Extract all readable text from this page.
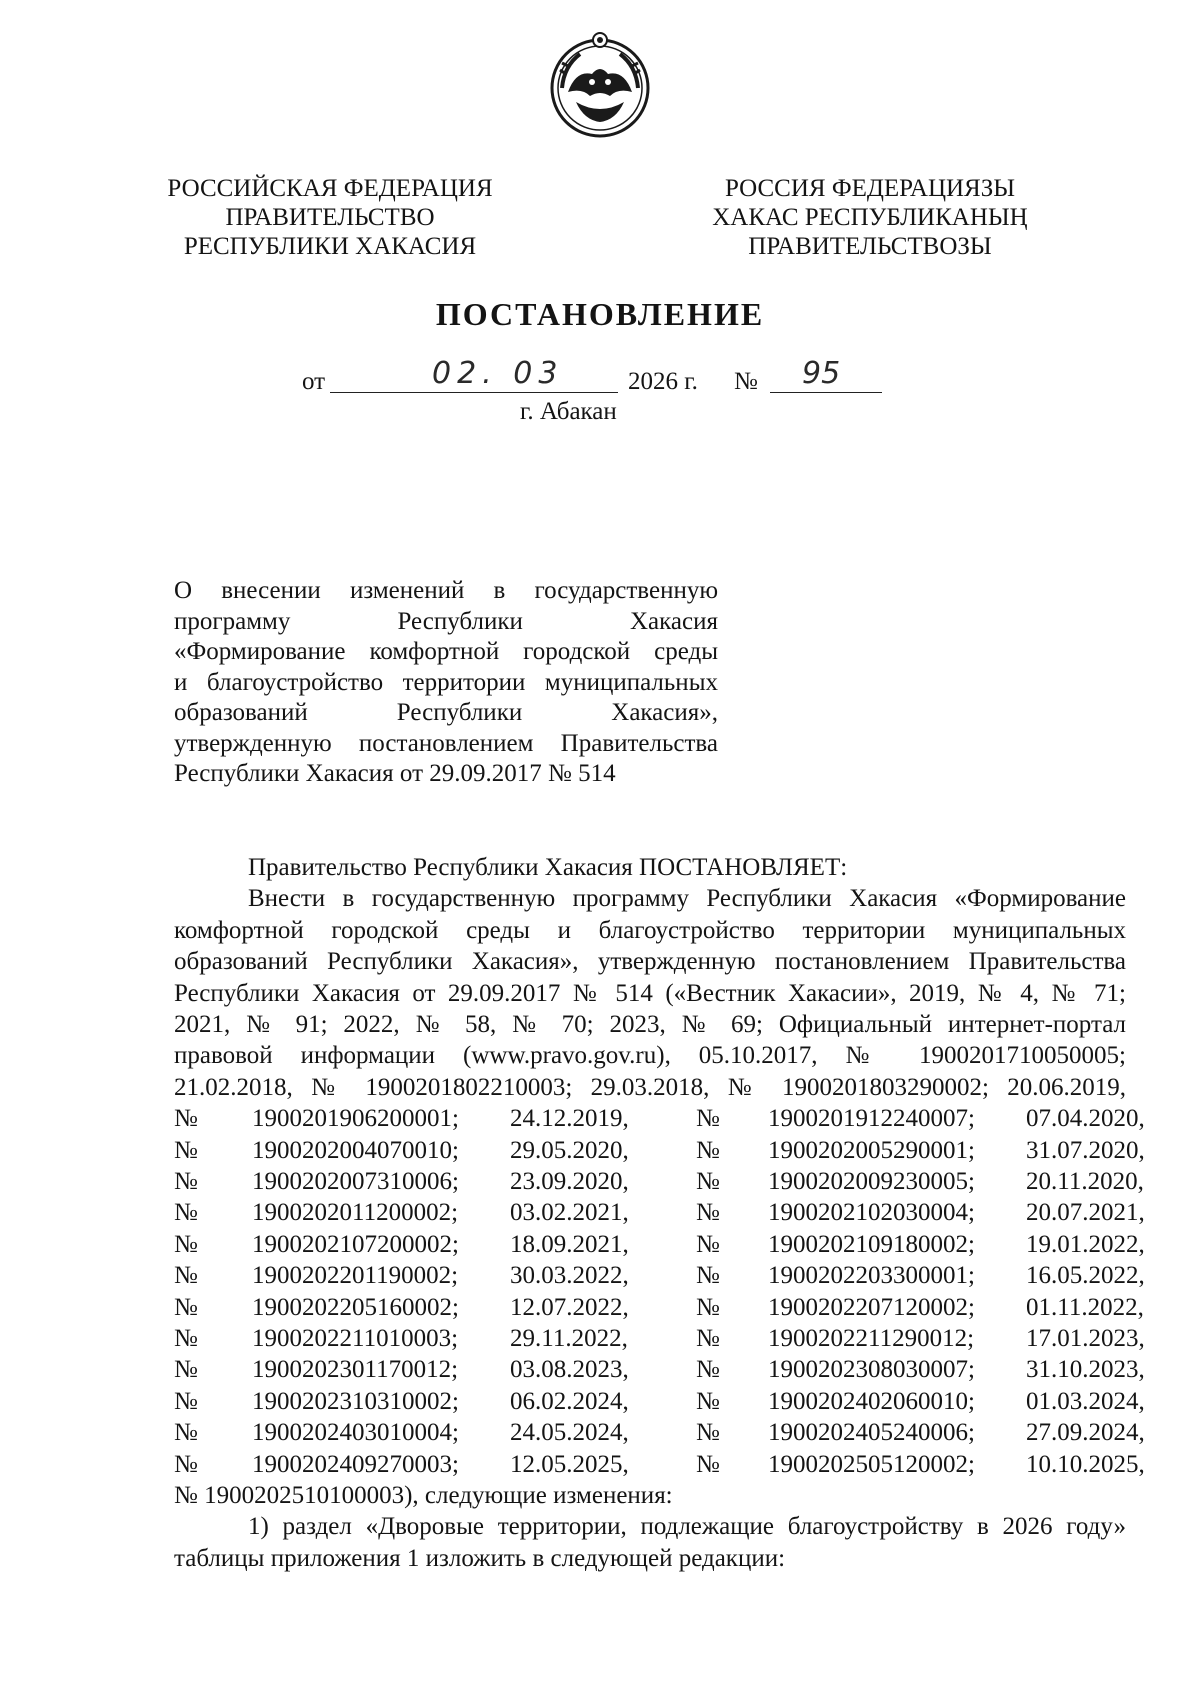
РОССИЙСКАЯ ФЕДЕРАЦИЯ
ПРАВИТЕЛЬСТВО
РЕСПУБЛИКИ ХАКАСИЯ
РОССИЯ ФЕДЕРАЦИЯЗЫ
ХАКАС РЕСПУБЛИКАНЫҢ
ПРАВИТЕЛЬСТВОЗЫ
ПОСТАНОВЛЕНИЕ
от	02. 03	2026 г. № 95
г. Абакан
О внесении изменений в государственную
программу Республики Хакасия
«Формирование комфортной городской среды
и благоустройство территории муниципальных
образований Республики Хакасия»,
утвержденную постановлением Правительства
Республики Хакасия от 29.09.2017 № 514
Правительство Республики Хакасия ПОСТАНОВЛЯЕТ:
Внести в государственную программу Республики Хакасия «Формирование
комфортной городской среды и благоустройство территории муниципальных
образований Республики Хакасия», утвержденную постановлением Правительства
Республики Хакасия от 29.09.2017 № 514 («Вестник Хакасии», 2019, № 4, № 71;
2021, № 91; 2022, № 58, № 70; 2023, № 69; Официальный интернет-портал
правовой информации (www.pravo.gov.ru), 05.10.2017, № 1900201710050005;
21.02.2018, № 1900201802210003; 29.03.2018, № 1900201803290002; 20.06.2019,
№	1900201906200001;	24.12.2019,	№	1900201912240007;	07.04.2020,
№	1900202004070010;	29.05.2020,	№	1900202005290001;	31.07.2020,
№	1900202007310006;	23.09.2020,	№	1900202009230005;	20.11.2020,
№	1900202011200002;	03.02.2021,	№	1900202102030004;	20.07.2021,
№	1900202107200002;	18.09.2021,	№	1900202109180002;	19.01.2022,
№	1900202201190002;	30.03.2022,	№	1900202203300001;	16.05.2022,
№	1900202205160002;	12.07.2022,	№	1900202207120002;	01.11.2022,
№	1900202211010003;	29.11.2022,	№	1900202211290012;	17.01.2023,
№	1900202301170012;	03.08.2023,	№	1900202308030007;	31.10.2023,
№	1900202310310002;	06.02.2024,	№	1900202402060010;	01.03.2024,
№	1900202403010004;	24.05.2024,	№	1900202405240006;	27.09.2024,
№	1900202409270003;	12.05.2025,	№	1900202505120002;	10.10.2025,
№ 1900202510100003), следующие изменения:
1) раздел «Дворовые территории, подлежащие благоустройству в 2026 году»
таблицы приложения 1 изложить в следующей редакции:
